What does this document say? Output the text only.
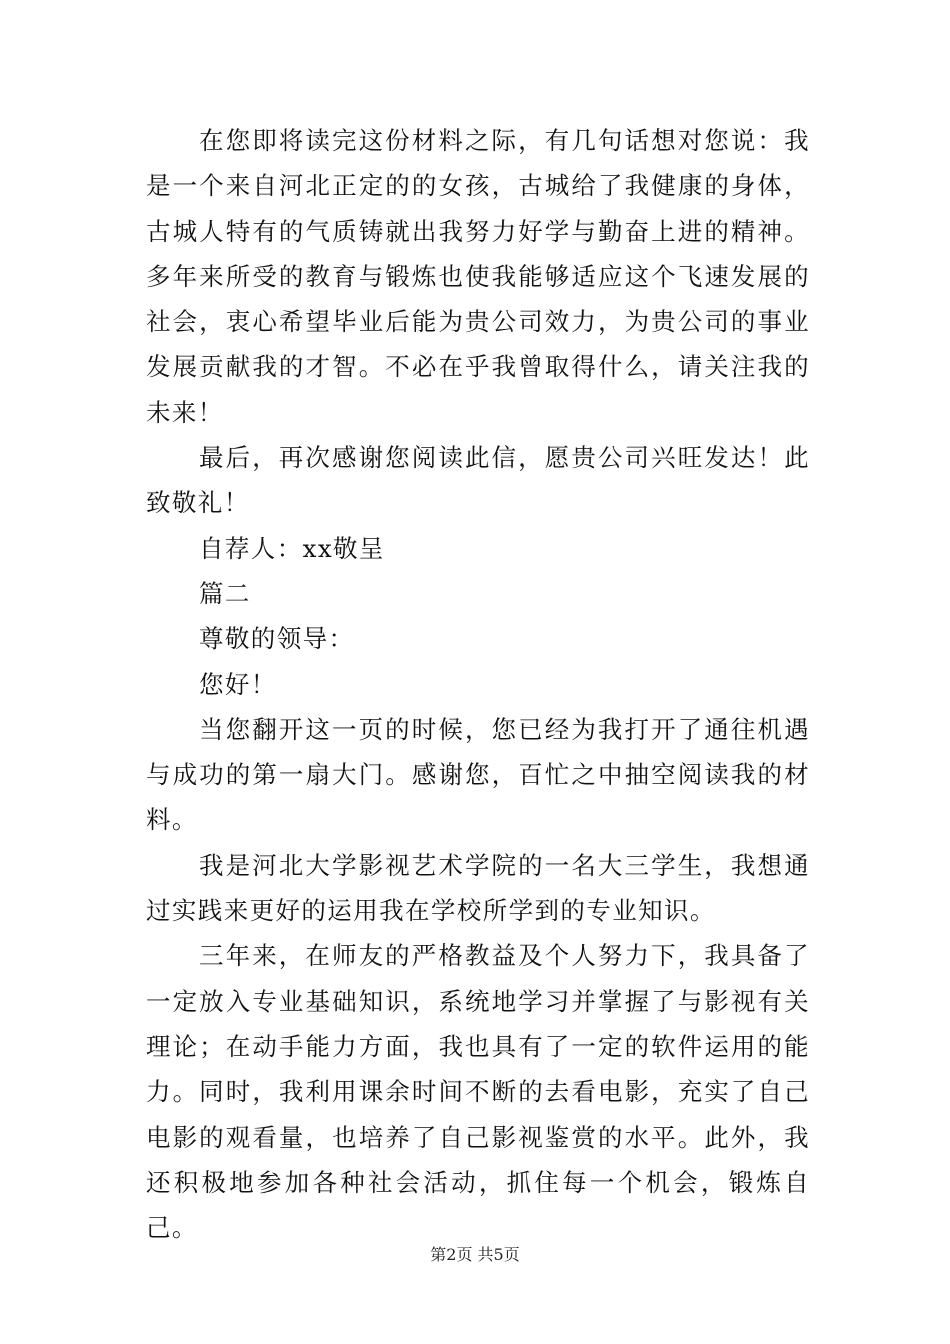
在您即将读完这份材料之际，有几句话想对您说：我是一个来自河北正定的的女孩，古城给了我健康的身体，古城人特有的气质铸就出我努力好学与勤奋上进的精神。多年来所受的教育与锻炼也使我能够适应这个飞速发展的社会，衷心希望毕业后能为贵公司效力，为贵公司的事业发展贡献我的才智。不必在乎我曾取得什么，请关注我的未来！

最后，再次感谢您阅读此信，愿贵公司兴旺发达！此致敬礼！

自荐人：xx敬呈

篇二

尊敬的领导：

您好！

当您翻开这一页的时候，您已经为我打开了通往机遇与成功的第一扇大门。感谢您，百忙之中抽空阅读我的材料。

我是河北大学影视艺术学院的一名大三学生，我想通过实践来更好的运用我在学校所学到的专业知识。

三年来，在师友的严格教益及个人努力下，我具备了一定放入专业基础知识，系统地学习并掌握了与影视有关理论；在动手能力方面，我也具有了一定的软件运用的能力。同时，我利用课余时间不断的去看电影，充实了自己电影的观看量，也培养了自己影视鉴赏的水平。此外，我还积极地参加各种社会活动，抓住每一个机会，锻炼自己。

第2页 共5页
